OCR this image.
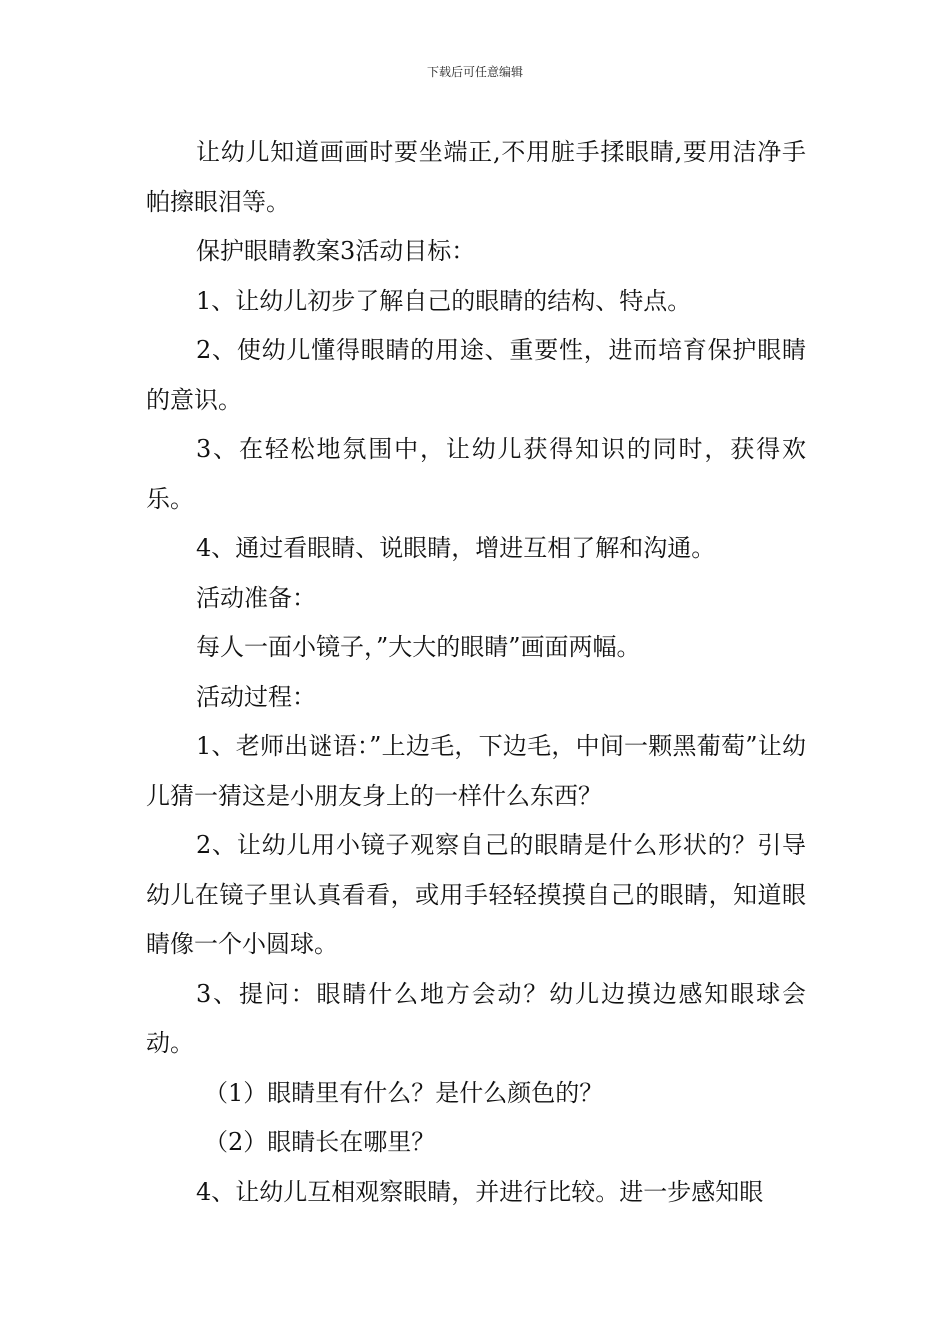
下载后可任意编辑

让幼儿知道画画时要坐端正,不用脏手揉眼睛,要用洁净手帕擦眼泪等。

保护眼睛教案3活动目标：

1、让幼儿初步了解自己的眼睛的结构、特点。

2、使幼儿懂得眼睛的用途、重要性，进而培育保护眼睛的意识。

3、在轻松地氛围中，让幼儿获得知识的同时，获得欢乐。

4、通过看眼睛、说眼睛，增进互相了解和沟通。

活动准备：

每人一面小镜子，”大大的眼睛”画面两幅。

活动过程：

1、老师出谜语：”上边毛，下边毛，中间一颗黑葡萄”让幼儿猜一猜这是小朋友身上的一样什么东西？

2、让幼儿用小镜子观察自己的眼睛是什么形状的？引导幼儿在镜子里认真看看，或用手轻轻摸摸自己的眼睛，知道眼睛像一个小圆球。

3、提问：眼睛什么地方会动？幼儿边摸边感知眼球会动。

（1）眼睛里有什么？是什么颜色的？

（2）眼睛长在哪里？

4、让幼儿互相观察眼睛，并进行比较。进一步感知眼
